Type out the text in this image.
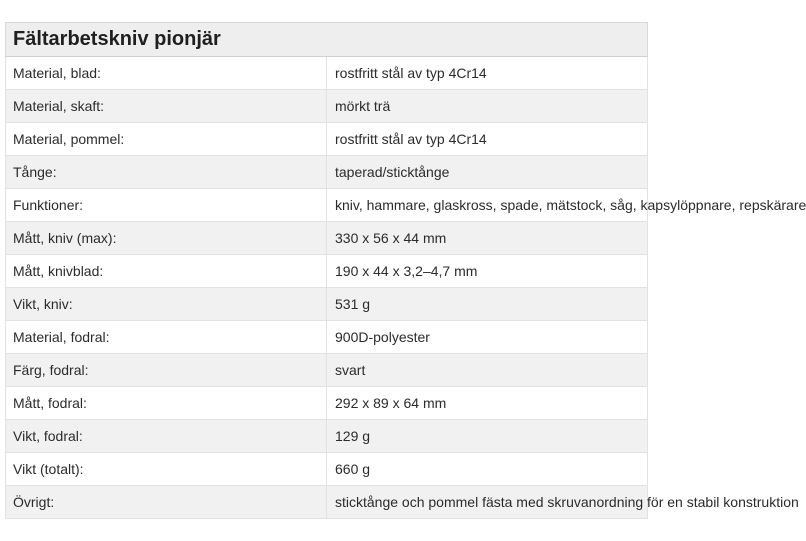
Fältarbetskniv pionjär	
Material, blad:	rostfritt stål av typ 4Cr14
Material, skaft:	mörkt trä
Material, pommel:	rostfritt stål av typ 4Cr14
Tånge:	taperad/sticktånge
Funktioner:	kniv, hammare, glaskross, spade, mätstock, såg, kapsylöppnare, repskärare
Mått, kniv (max):	330 x 56 x 44 mm
Mått, knivblad:	190 x 44 x 3,2–4,7 mm
Vikt, kniv:	531 g
Material, fodral:	900D-polyester
Färg, fodral:	svart
Mått, fodral:	292 x 89 x 64 mm
Vikt, fodral:	129 g
Vikt (totalt):	660 g
Övrigt:	sticktånge och pommel fästa med skruvanordning för en stabil konstruktion
